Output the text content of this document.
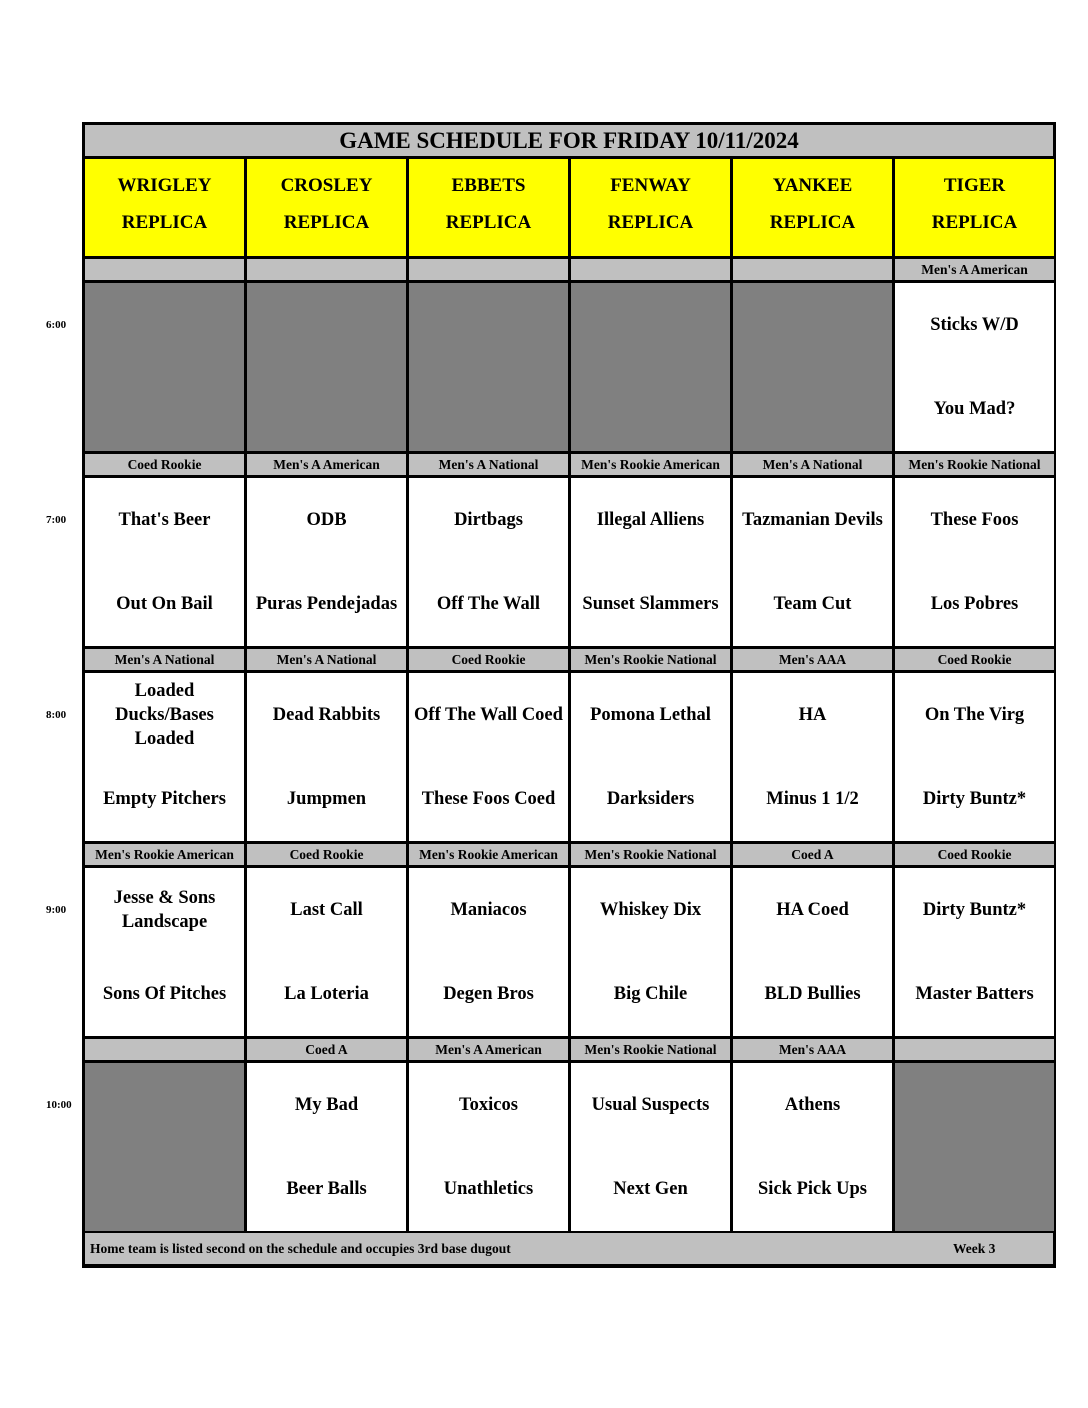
GAME SCHEDULE FOR FRIDAY 10/11/2024
WRIGLEY
REPLICA
CROSLEY
REPLICA
EBBETS
REPLICA
FENWAY
REPLICA
YANKEE
REPLICA
TIGER
REPLICA
Men's A American
Sticks W/D
You Mad?
Coed Rookie
That's Beer
Out On Bail
Men's A American
ODB
Puras Pendejadas
Men's A National
Dirtbags
Off The Wall
Men's Rookie American
Illegal Alliens
Sunset Slammers
Men's A National
Tazmanian Devils
Team Cut
Men's Rookie National
These Foos
Los Pobres
Men's A National
Loaded Ducks/Bases Loaded
Empty Pitchers
Men's A National
Dead Rabbits
Jumpmen
Coed Rookie
Off The Wall Coed
These Foos Coed
Men's Rookie National
Pomona Lethal
Darksiders
Men's AAA
HA
Minus 1 1/2
Coed Rookie
On The Virg
Dirty Buntz*
Men's Rookie American
Jesse & Sons Landscape
Sons Of Pitches
Coed Rookie
Last Call
La Loteria
Men's Rookie American
Maniacos
Degen Bros
Men's Rookie National
Whiskey Dix
Big Chile
Coed A
HA Coed
BLD Bullies
Coed Rookie
Dirty Buntz*
Master Batters
Coed A
My Bad
Beer Balls
Men's A American
Toxicos
Unathletics
Men's Rookie National
Usual Suspects
Next Gen
Men's AAA
Athens
Sick Pick Ups
Home team is listed second on the schedule and occupies 3rd base dugout	Week 3
6:00
7:00
8:00
9:00
10:00
